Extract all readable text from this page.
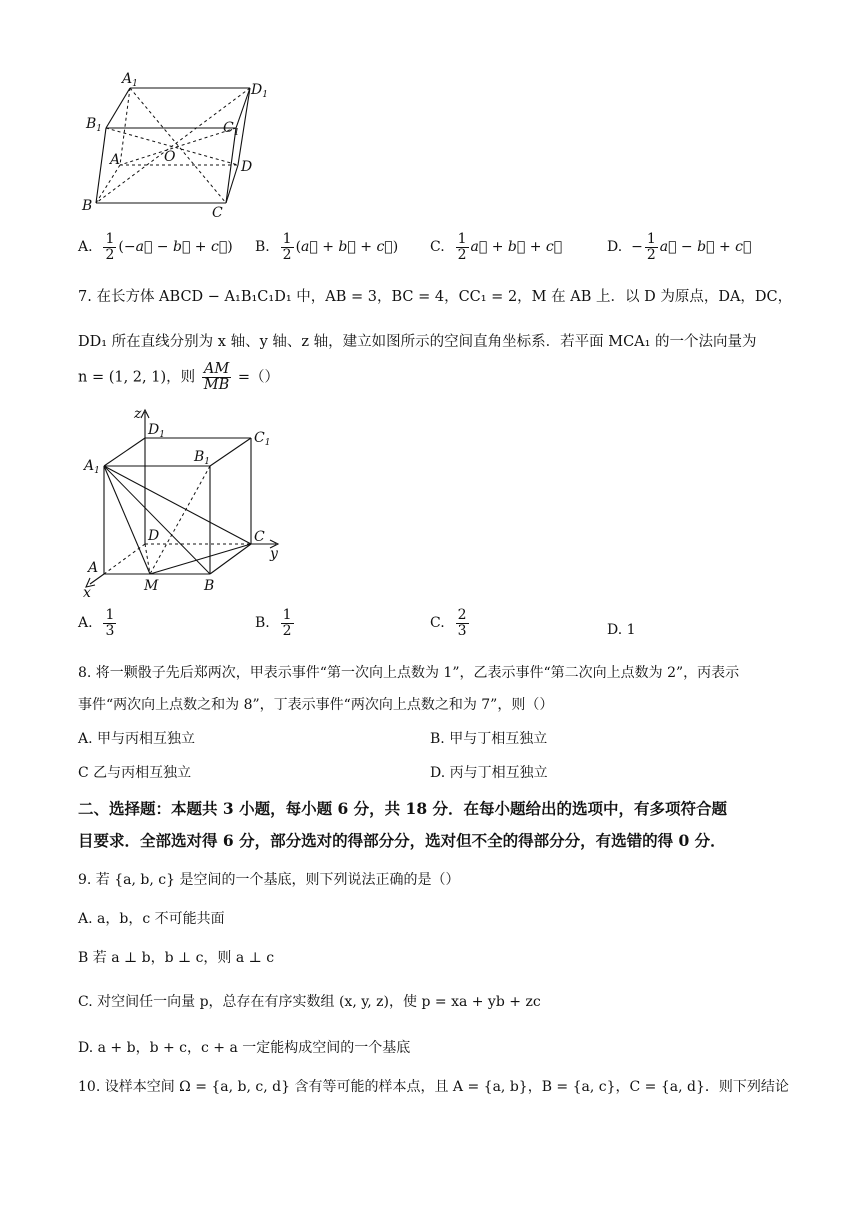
$A_1$	$D_1$
$B_1$	$C_1$
A	O
D
B	C
A. $\frac{1}{2}$ (−a⃗ − b⃗ + c⃗) B. $\frac{1}{2}$ (a⃗ + b⃗ + c⃗) C. $\frac{1}{2}$ a⃗ + b⃗ + c⃗	D.  − $\frac{1}{2}$ a⃗ − b⃗ + c⃗
7. 在长方体 ABCD − A₁B₁C₁D₁ 中，AB = 3，BC = 4，CC₁ = 2，M 在 AB 上．以 D 为原点，DA，DC，
DD₁ 所在直线分别为 x 轴、y 轴、z 轴，建立如图所示的空间直角坐标系．若平面 MCA₁ 的一个法向量为
n = (1, 2, 1)，则 $\frac{AM}{MB}$ =（）
z
$D_1$	$C_1$
$A_1$
$B_1$
D	C
y
A
M	B
x
A. $\frac{1}{3}$	B. $\frac{1}{2}$	C. $\frac{2}{3}$	D. 1
8. 将一颗骰子先后郑两次，甲表示事件“第一次向上点数为 1”，乙表示事件“第二次向上点数为 2”，丙表示
事件“两次向上点数之和为 8”，丁表示事件“两次向上点数之和为 7”，则（）
A. 甲与丙相互独立	B. 甲与丁相互独立
C 乙与丙相互独立	D. 丙与丁相互独立
二、选择题：本题共 3 小题，每小题 6 分，共 18 分．在每小题给出的选项中，有多项符合题
目要求．全部选对得 6 分，部分选对的得部分分，选对但不全的得部分分，有选错的得 0 分．
9. 若 {a, b, c} 是空间的一个基底，则下列说法正确的是（）
A. a，b，c 不可能共面
B 若 a ⊥ b，b ⊥ c，则 a ⊥ c
C. 对空间任一向量 p，总存在有序实数组 (x, y, z)，使 p = xa + yb + zc
D. a + b，b + c，c + a 一定能构成空间的一个基底
10. 设样本空间 Ω = {a, b, c, d} 含有等可能的样本点，且 A = {a, b}，B = {a, c}，C = {a, d}．则下列结论
